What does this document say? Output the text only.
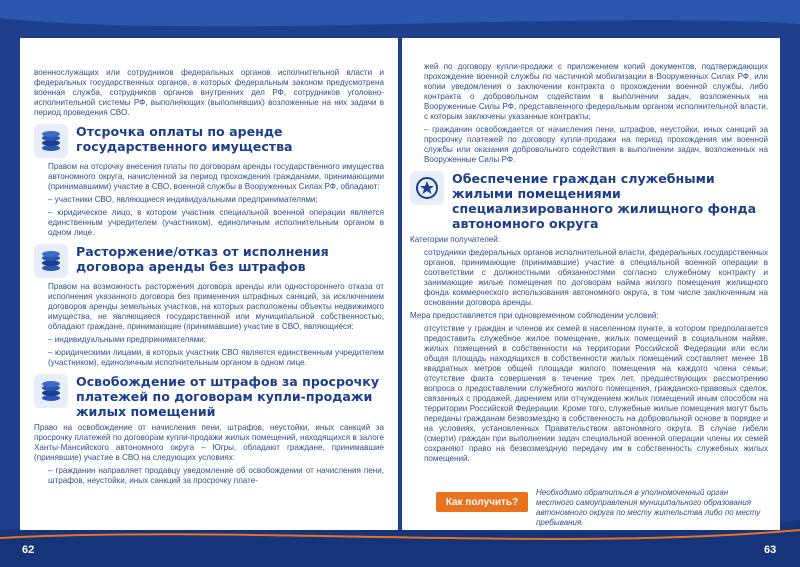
военнослужащих или сотрудников федеральных органов исполнительной власти и федеральных государственных органов, в которых федеральным законом предусмотрена военная служба, сотрудников органов внутренних дел РФ, сотрудников уголовно-исполнительной системы РФ, выполняющих (выполнявших) возложенные на них задачи в период проведения СВО.

Отсрочка оплаты по аренде государственного имущества

Правом на отсрочку внесения платы по договорам аренды государственного имущества автономного округа, начисленной за период прохождения гражданами, принимающими (принимавшими) участие в СВО, военной службы в Вооруженных Силах РФ, обладают:

– участники СВО, являющиеся индивидуальными предпринимателями;

– юридическое лицо, в котором участник специальной военной операции является единственным учредителем (участником), единоличным исполнительным органом в одном лице.

Расторжение/отказ от исполнения договора аренды без штрафов

Правом на возможность расторжения договора аренды или одностороннего отказа от исполнения указанного договора без применения штрафных санкций, за исключением договоров аренды земельных участков, на которых расположены объекты недвижимого имущества, не являющиеся государственной или муниципальной собственностью, обладают граждане, принимающие (принимавшие) участие в СВО, являющиеся:

– индивидуальными предпринимателями;

– юридическими лицами, в которых участник СВО является единственным учредителем (участником), единоличным исполнительным органом в одном лице.

Освобождение от штрафов за просрочку платежей по договорам купли-продажи жилых помещений

Право на освобождение от начисления пени, штрафов, неустойки, иных санкций за просрочку платежей по договорам купли-продажи жилых помещений, находящихся в залоге Ханты-Мансийского автономного округа – Югры, обладают граждане, принимавшие (принявшие) участие в СВО на следующих условиях:

– гражданин направляет продавцу уведомление об освобождении от начисления пени, штрафов, неустойки, иных санкций за просрочку плате-

жей по договору купли-продажи с приложением копий документов, подтверждающих прохождение военной службы по частичной мобилизации в Вооруженных Силах РФ, или копии уведомления о заключении контракта о прохождении военной службы, либо контракта о добровольном содействии в выполнении задач, возложенных на Вооруженные Силы РФ, представленного федеральным органом исполнительной власти, с которым заключены указанные контракты;

– гражданин освобождается от начисления пени, штрафов, неустойки, иных санкций за просрочку платежей по договору купли-продажи на период прохождения им военной службы или оказания добровольного содействия в выполнении задач, возложенных на Вооруженные Силы РФ.

Обеспечение граждан служебными жилыми помещениями специализированного жилищного фонда автономного округа

Категории получателей:

сотрудники федеральных органов исполнительной власти, федеральных государственных органов, принимающие (принимавшие) участие в специальной военной операции в соответствии с должностными обязанностями согласно служебному контракту и занимающие жилые помещения по договорам найма жилого помещения жилищного фонда коммерческого использования автономного округа, в том числе заключенным на основании договора аренды.

Мера предоставляется при одновременном соблюдении условий:

отсутствие у граждан и членов их семей в населенном пункте, в котором предполагается предоставить служебное жилое помещение, жилых помещений в социальном найме, жилых помещений в собственности на территории Российской Федерации или если общая площадь находящихся в собственности жилых помещений составляет менее 18 квадратных метров общей площади жилого помещения на каждого члена семьи; отсутствие факта совершения в течение трех лет, предшествующих рассмотрению вопроса о предоставлении служебного жилого помещения, гражданско-правовых сделок, связанных с продажей, дарением или отчуждением жилых помещений иным способом на территории Российской Федерации. Кроме того, служебные жилые помещения могут быть переданы гражданам безвозмездно в собственность на добровольной основе в порядке и на условиях, установленных Правительством автономного округа. В случае гибели (смерти) граждан при выполнении задач специальной военной операции члены их семей сохраняют право на безвозмездную передачу им в собственность служебных жилых помещений.

Как получить?
Необходимо обратиться в уполномоченный орган местного самоуправления муниципального образования автономного округа по месту жительства либо по месту пребывания.
62	63
